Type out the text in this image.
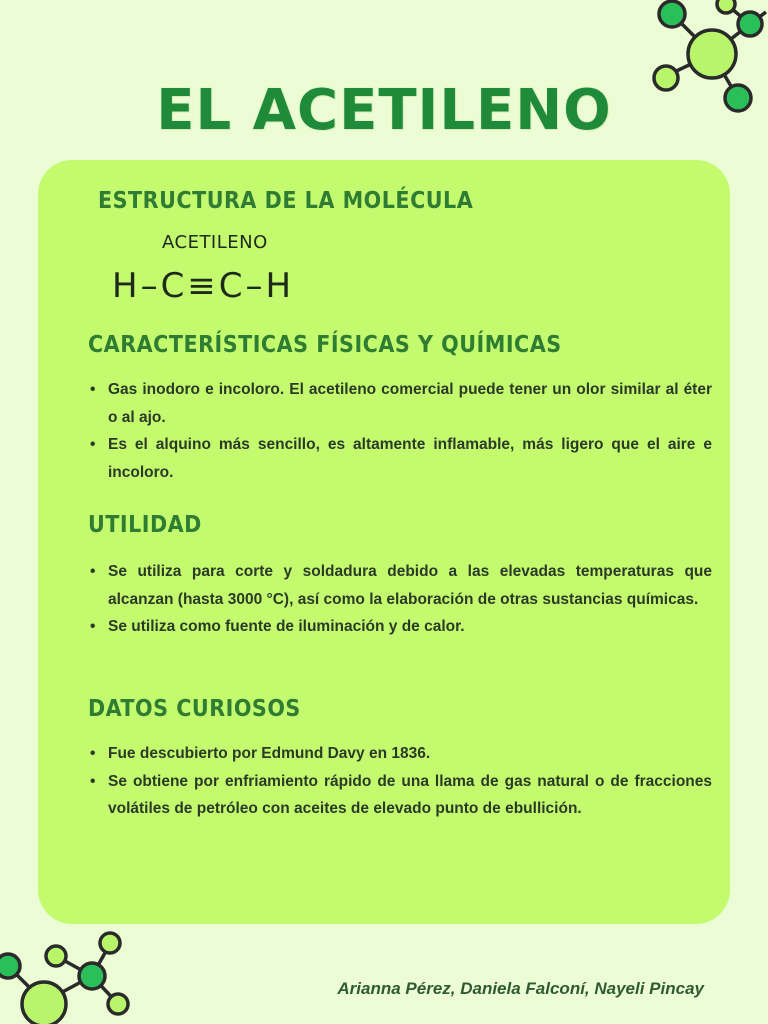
EL ACETILENO
ESTRUCTURA DE LA MOLÉCULA
ACETILENO
H–C≡C–H
CARACTERÍSTICAS FÍSICAS Y QUÍMICAS
• Gas inodoro e incoloro. El acetileno comercial puede tener un olor similar al éter o al ajo.
• Es el alquino más sencillo, es altamente inflamable, más ligero que el aire e incoloro.
UTILIDAD
• Se utiliza para corte y soldadura debido a las elevadas temperaturas que alcanzan (hasta 3000 °C), así como la elaboración de otras sustancias químicas.
• Se utiliza como fuente de iluminación y de calor.
DATOS CURIOSOS
• Fue descubierto por Edmund Davy en 1836.
• Se obtiene por enfriamiento rápido de una llama de gas natural o de fracciones volátiles de petróleo con aceites de elevado punto de ebullición.
Arianna Pérez, Daniela Falconí, Nayeli Pincay
